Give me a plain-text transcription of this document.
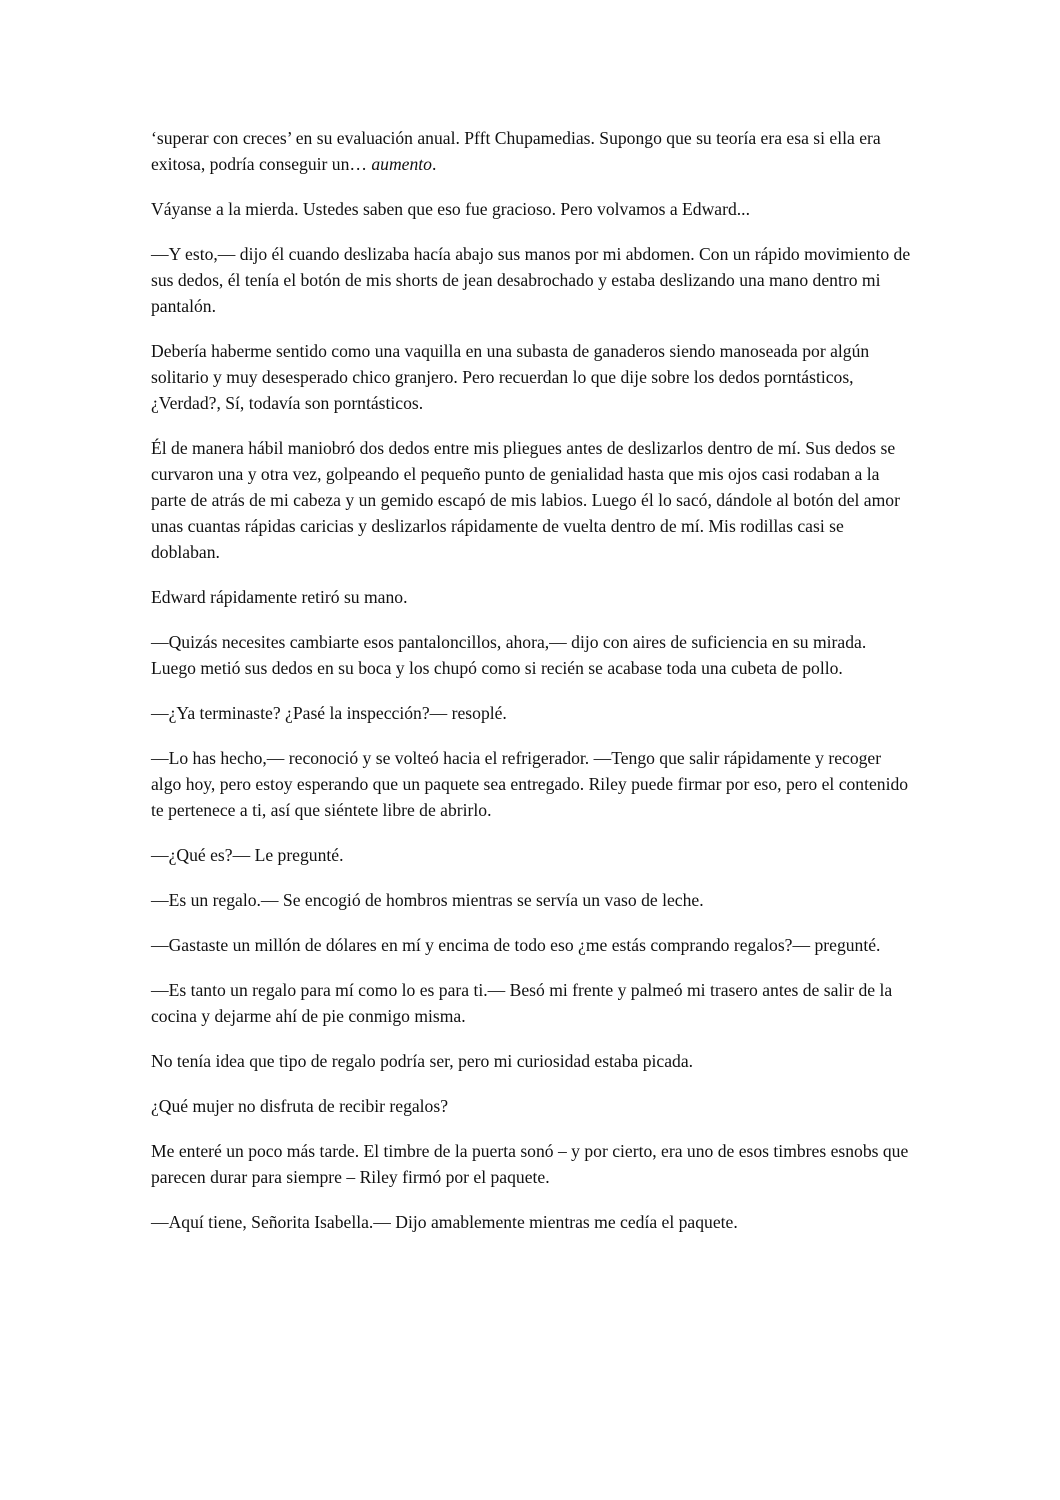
‘superar con creces’ en su evaluación anual. Pfft Chupamedias. Supongo que su teoría era esa si ella era exitosa, podría conseguir un… aumento.

Váyanse a la mierda. Ustedes saben que eso fue gracioso. Pero volvamos a Edward...

—Y esto,— dijo él cuando deslizaba hacía abajo sus manos por mi abdomen. Con un rápido movimiento de sus dedos, él tenía el botón de mis shorts de jean desabrochado y estaba deslizando una mano dentro mi pantalón.

Debería haberme sentido como una vaquilla en una subasta de ganaderos siendo manoseada por algún solitario y muy desesperado chico granjero. Pero recuerdan lo que dije sobre los dedos porntásticos, ¿Verdad?, Sí, todavía son porntásticos.

Él de manera hábil maniobró dos dedos entre mis pliegues antes de deslizarlos dentro de mí. Sus dedos se curvaron una y otra vez, golpeando el pequeño punto de genialidad hasta que mis ojos casi rodaban a la parte de atrás de mi cabeza y un gemido escapó de mis labios. Luego él lo sacó, dándole al botón del amor unas cuantas rápidas caricias y deslizarlos rápidamente de vuelta dentro de mí. Mis rodillas casi se doblaban.

Edward rápidamente retiró su mano.

—Quizás necesites cambiarte esos pantaloncillos, ahora,— dijo con aires de suficiencia en su mirada. Luego metió sus dedos en su boca y los chupó como si recién se acabase toda una cubeta de pollo.

—¿Ya terminaste? ¿Pasé la inspección?— resoplé.

—Lo has hecho,— reconoció y se volteó hacia el refrigerador. —Tengo que salir rápidamente y recoger algo hoy, pero estoy esperando que un paquete sea entregado. Riley puede firmar por eso, pero el contenido te pertenece a ti, así que siéntete libre de abrirlo.

—¿Qué es?— Le pregunté.

—Es un regalo.— Se encogió de hombros mientras se servía un vaso de leche.

—Gastaste un millón de dólares en mí y encima de todo eso ¿me estás comprando regalos?— pregunté.

—Es tanto un regalo para mí como lo es para ti.— Besó mi frente y palmeó mi trasero antes de salir de la cocina y dejarme ahí de pie conmigo misma.

No tenía idea que tipo de regalo podría ser, pero mi curiosidad estaba picada.

¿Qué mujer no disfruta de recibir regalos?

Me enteré un poco más tarde. El timbre de la puerta sonó – y por cierto, era uno de esos timbres esnobs que parecen durar para siempre – Riley firmó por el paquete.

—Aquí tiene, Señorita Isabella.— Dijo amablemente mientras me cedía el paquete.
